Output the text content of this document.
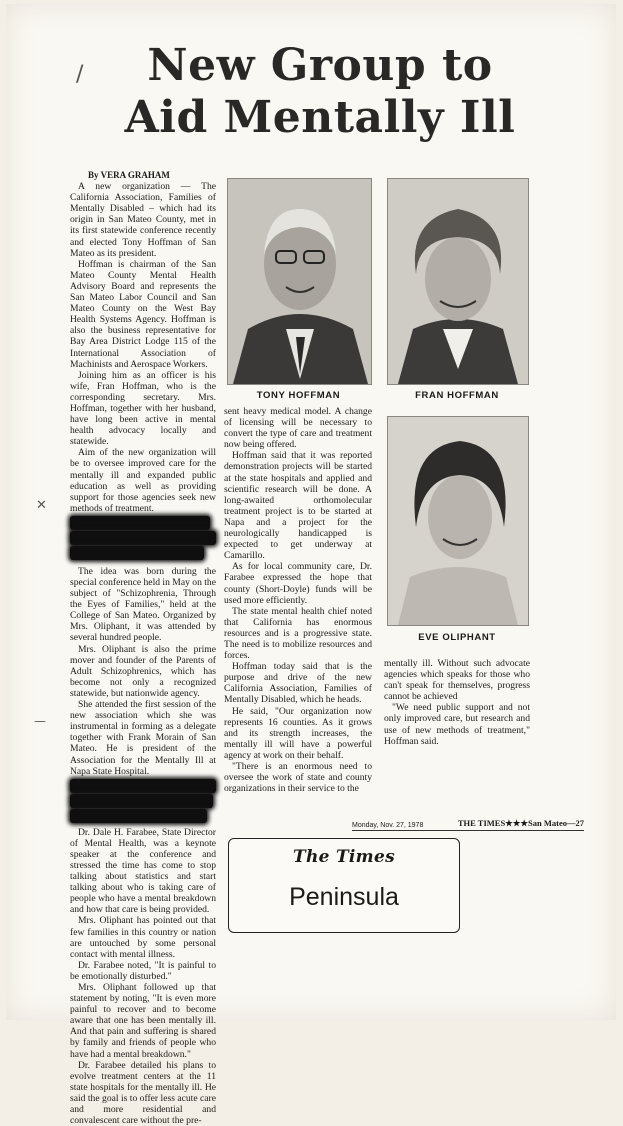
/
✕
—
New Group to
Aid Mentally Ill

By VERA GRAHAM

A new organization — The California Association, Families of Mentally Disabled – which had its origin in San Mateo County, met in its first statewide conference recently and elected Tony Hoffman of San Mateo as its president.

Hoffman is chairman of the San Mateo County Mental Health Advisory Board and represents the San Mateo Labor Council and San Mateo County on the West Bay Health Systems Agency. Hoffman is also the business representative for Bay Area District Lodge 115 of the International Association of Machinists and Aerospace Workers.

Joining him as an officer is his wife, Fran Hoffman, who is the corresponding secretary. Mrs. Hoffman, together with her husband, have long been active in mental health advocacy locally and statewide.

Aim of the new organization will be to oversee improved care for the mentally ill and expanded public education as well as providing support for those agencies seek new methods of treatment.

The idea was born during the special conference held in May on the subject of "Schizophrenia, Through the Eyes of Families," held at the College of San Mateo. Organized by Mrs. Oliphant, it was attended by several hundred people.

Mrs. Oliphant is also the prime mover and founder of the Parents of Adult Schizophrenics, which has become not only a recognized statewide, but nationwide agency.

She attended the first session of the new association which she was instrumental in forming as a delegate together with Frank Morain of San Mateo. He is president of the Association for the Mentally Ill at Napa State Hospital.

Dr. Dale H. Farabee, State Director of Mental Health, was a keynote speaker at the conference and stressed the time has come to stop talking about statistics and start talking about who is taking care of people who have a mental breakdown and how that care is being provided.

Mrs. Oliphant has pointed out that few families in this country or nation are untouched by some personal contact with mental illness.

Dr. Farabee noted, "It is painful to be emotionally disturbed."

Mrs. Oliphant followed up that statement by noting, "It is even more painful to recover and to become aware that one has been mentally ill. And that pain and suffering is shared by family and friends of people who have had a mental breakdown."

Dr. Farabee detailed his plans to evolve treatment centers at the 11 state hospitals for the mentally ill. He said the goal is to offer less acute care and more residential and convalescent care without the pre-

TONY HOFFMAN	FRAN HOFFMAN
EVE OLIPHANT

sent heavy medical model. A change of licensing will be necessary to convert the type of care and treatment now being offered.

Hoffman said that it was reported demonstration projects will be started at the state hospitals and applied and scientific research will be done. A long-awaited orthomolecular treatment project is to be started at Napa and a project for the neurologically handicapped is expected to get underway at Camarillo.

As for local community care, Dr. Farabee expressed the hope that county (Short-Doyle) funds will be used more efficiently.

The state mental health chief noted that California has enormous resources and is a progressive state. The need is to mobilize resources and forces.

Hoffman today said that is the purpose and drive of the new California Association, Families of Mentally Disabled, which he heads.

He said, "Our organization now represents 16 counties. As it grows and its strength increases, the mentally ill will have a powerful agency at work on their behalf.

"There is an enormous need to oversee the work of state and county organizations in their service to the

mentally ill. Without such advocate agencies which speaks for those who can't speak for themselves, progress cannot be achieved

"We need public support and not only improved care, but research and use of new methods of treatment," Hoffman said.

Monday, Nov. 27, 1978	THE TIMES★★★San Mateo—27
The Times
Peninsula
